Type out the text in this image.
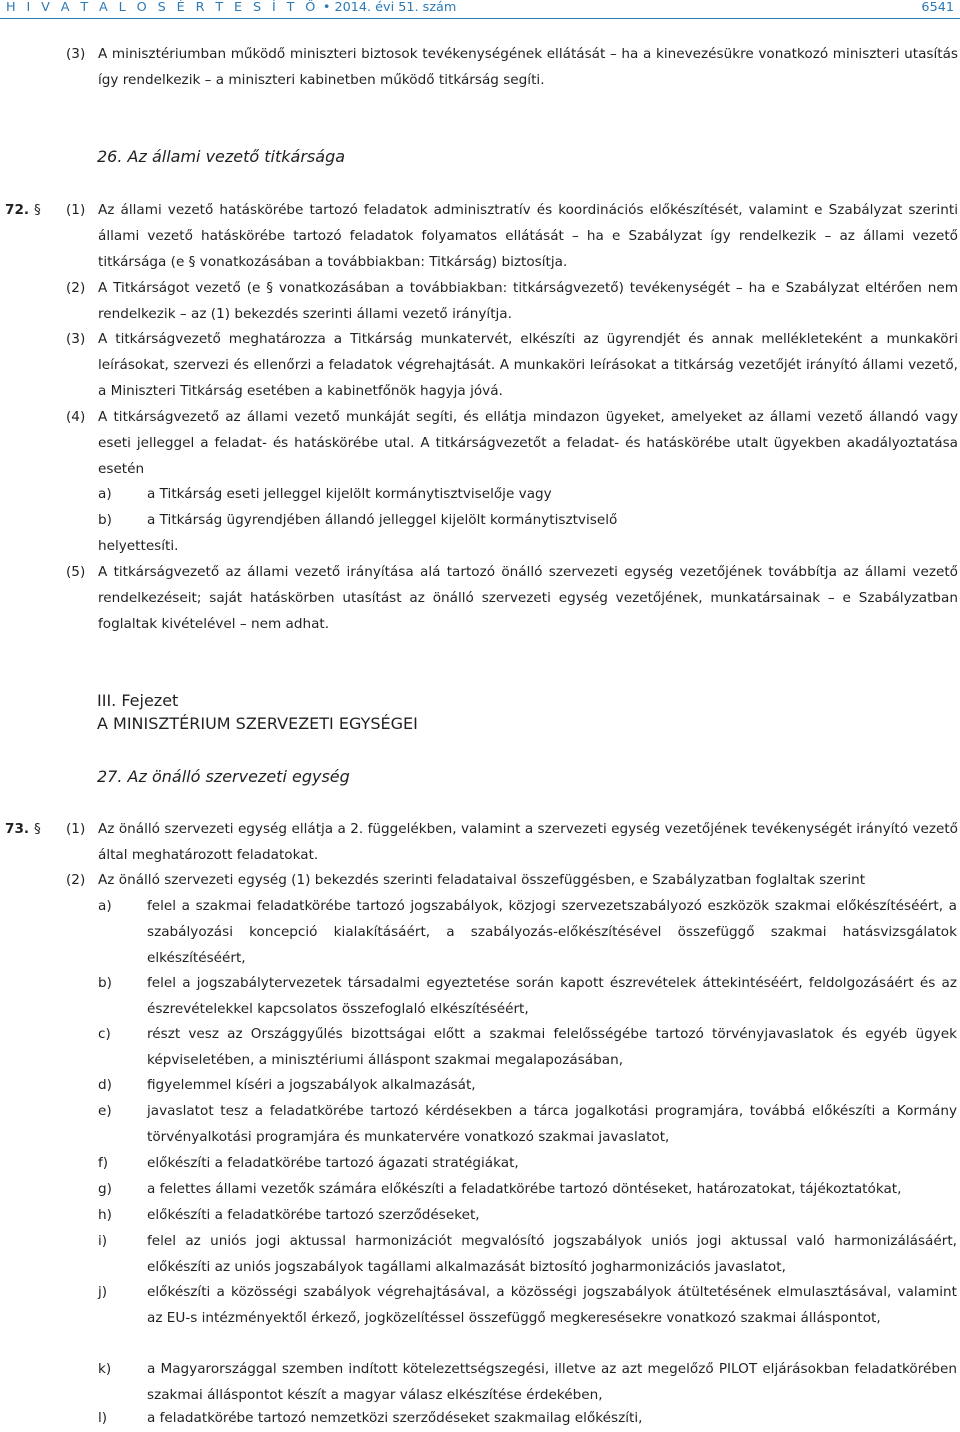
H I V A T A L O S É R T E S Í T Ő • 2014. évi 51. szám	6541
(3) A minisztériumban működő miniszteri biztosok tevékenységének ellátását – ha a kinevezésükre vonatkozó miniszteri utasítás így rendelkezik – a miniszteri kabinetben működő titkárság segíti.
26. Az állami vezető titkársága
72. § (1) Az állami vezető hatáskörébe tartozó feladatok adminisztratív és koordinációs előkészítését, valamint e Szabályzat szerinti állami vezető hatáskörébe tartozó feladatok folyamatos ellátását – ha e Szabályzat így rendelkezik – az állami vezető titkársága (e § vonatkozásában a továbbiakban: Titkárság) biztosítja.
(2) A Titkárságot vezető (e § vonatkozásában a továbbiakban: titkárságvezető) tevékenységét – ha e Szabályzat eltérően nem rendelkezik – az (1) bekezdés szerinti állami vezető irányítja.
(3) A titkárságvezető meghatározza a Titkárság munkatervét, elkészíti az ügyrendjét és annak mellékleteként a munkaköri leírásokat, szervezi és ellenőrzi a feladatok végrehajtását. A munkaköri leírásokat a titkárság vezetőjét irányító állami vezető, a Miniszteri Titkárság esetében a kabinetfőnök hagyja jóvá.
(4) A titkárságvezető az állami vezető munkáját segíti, és ellátja mindazon ügyeket, amelyeket az állami vezető állandó vagy eseti jelleggel a feladat- és hatáskörébe utal. A titkárságvezetőt a feladat- és hatáskörébe utalt ügyekben akadályoztatása esetén
a)	a Titkárság eseti jelleggel kijelölt kormánytisztviselője vagy
b)	a Titkárság ügyrendjében állandó jelleggel kijelölt kormánytisztviselő
helyettesíti.
(5) A titkárságvezető az állami vezető irányítása alá tartozó önálló szervezeti egység vezetőjének továbbítja az állami vezető rendelkezéseit; saját hatáskörben utasítást az önálló szervezeti egység vezetőjének, munkatársainak – e Szabályzatban foglaltak kivételével – nem adhat.
III. Fejezet
A MINISZTÉRIUM SZERVEZETI EGYSÉGEI
27. Az önálló szervezeti egység
73. § (1) Az önálló szervezeti egység ellátja a 2. függelékben, valamint a szervezeti egység vezetőjének tevékenységét irányító vezető által meghatározott feladatokat.
(2) Az önálló szervezeti egység (1) bekezdés szerinti feladataival összefüggésben, e Szabályzatban foglaltak szerint
a)	felel a szakmai feladatkörébe tartozó jogszabályok, közjogi szervezetszabályozó eszközök szakmai előkészítéséért, a szabályozási koncepció kialakításáért, a szabályozás-előkészítésével összefüggő szakmai hatásvizsgálatok elkészítéséért,
b)	felel a jogszabálytervezetek társadalmi egyeztetése során kapott észrevételek áttekintéséért, feldolgozásáért és az észrevételekkel kapcsolatos összefoglaló elkészítéséért,
c)	részt vesz az Országgyűlés bizottságai előtt a szakmai felelősségébe tartozó törvényjavaslatok és egyéb ügyek képviseletében, a minisztériumi álláspont szakmai megalapozásában,
d)	figyelemmel kíséri a jogszabályok alkalmazását,
e)	javaslatot tesz a feladatkörébe tartozó kérdésekben a tárca jogalkotási programjára, továbbá előkészíti a Kormány törvényalkotási programjára és munkatervére vonatkozó szakmai javaslatot,
f)	előkészíti a feladatkörébe tartozó ágazati stratégiákat,
g)	a felettes állami vezetők számára előkészíti a feladatkörébe tartozó döntéseket, határozatokat, tájékoztatókat,
h)	előkészíti a feladatkörébe tartozó szerződéseket,
i)	felel az uniós jogi aktussal harmonizációt megvalósító jogszabályok uniós jogi aktussal való harmonizálásáért, előkészíti az uniós jogszabályok tagállami alkalmazását biztosító jogharmonizációs javaslatot,
j)	előkészíti a közösségi szabályok végrehajtásával, a közösségi jogszabályok átültetésének elmulasztásával, valamint az EU-s intézményektől érkező, jogközelítéssel összefüggő megkeresésekre vonatkozó szakmai álláspontot,
k)	a Magyarországgal szemben indított kötelezettségszegési, illetve az azt megelőző PILOT eljárásokban feladatkörében szakmai álláspontot készít a magyar válasz elkészítése érdekében,
l)	a feladatkörébe tartozó nemzetközi szerződéseket szakmailag előkészíti,
